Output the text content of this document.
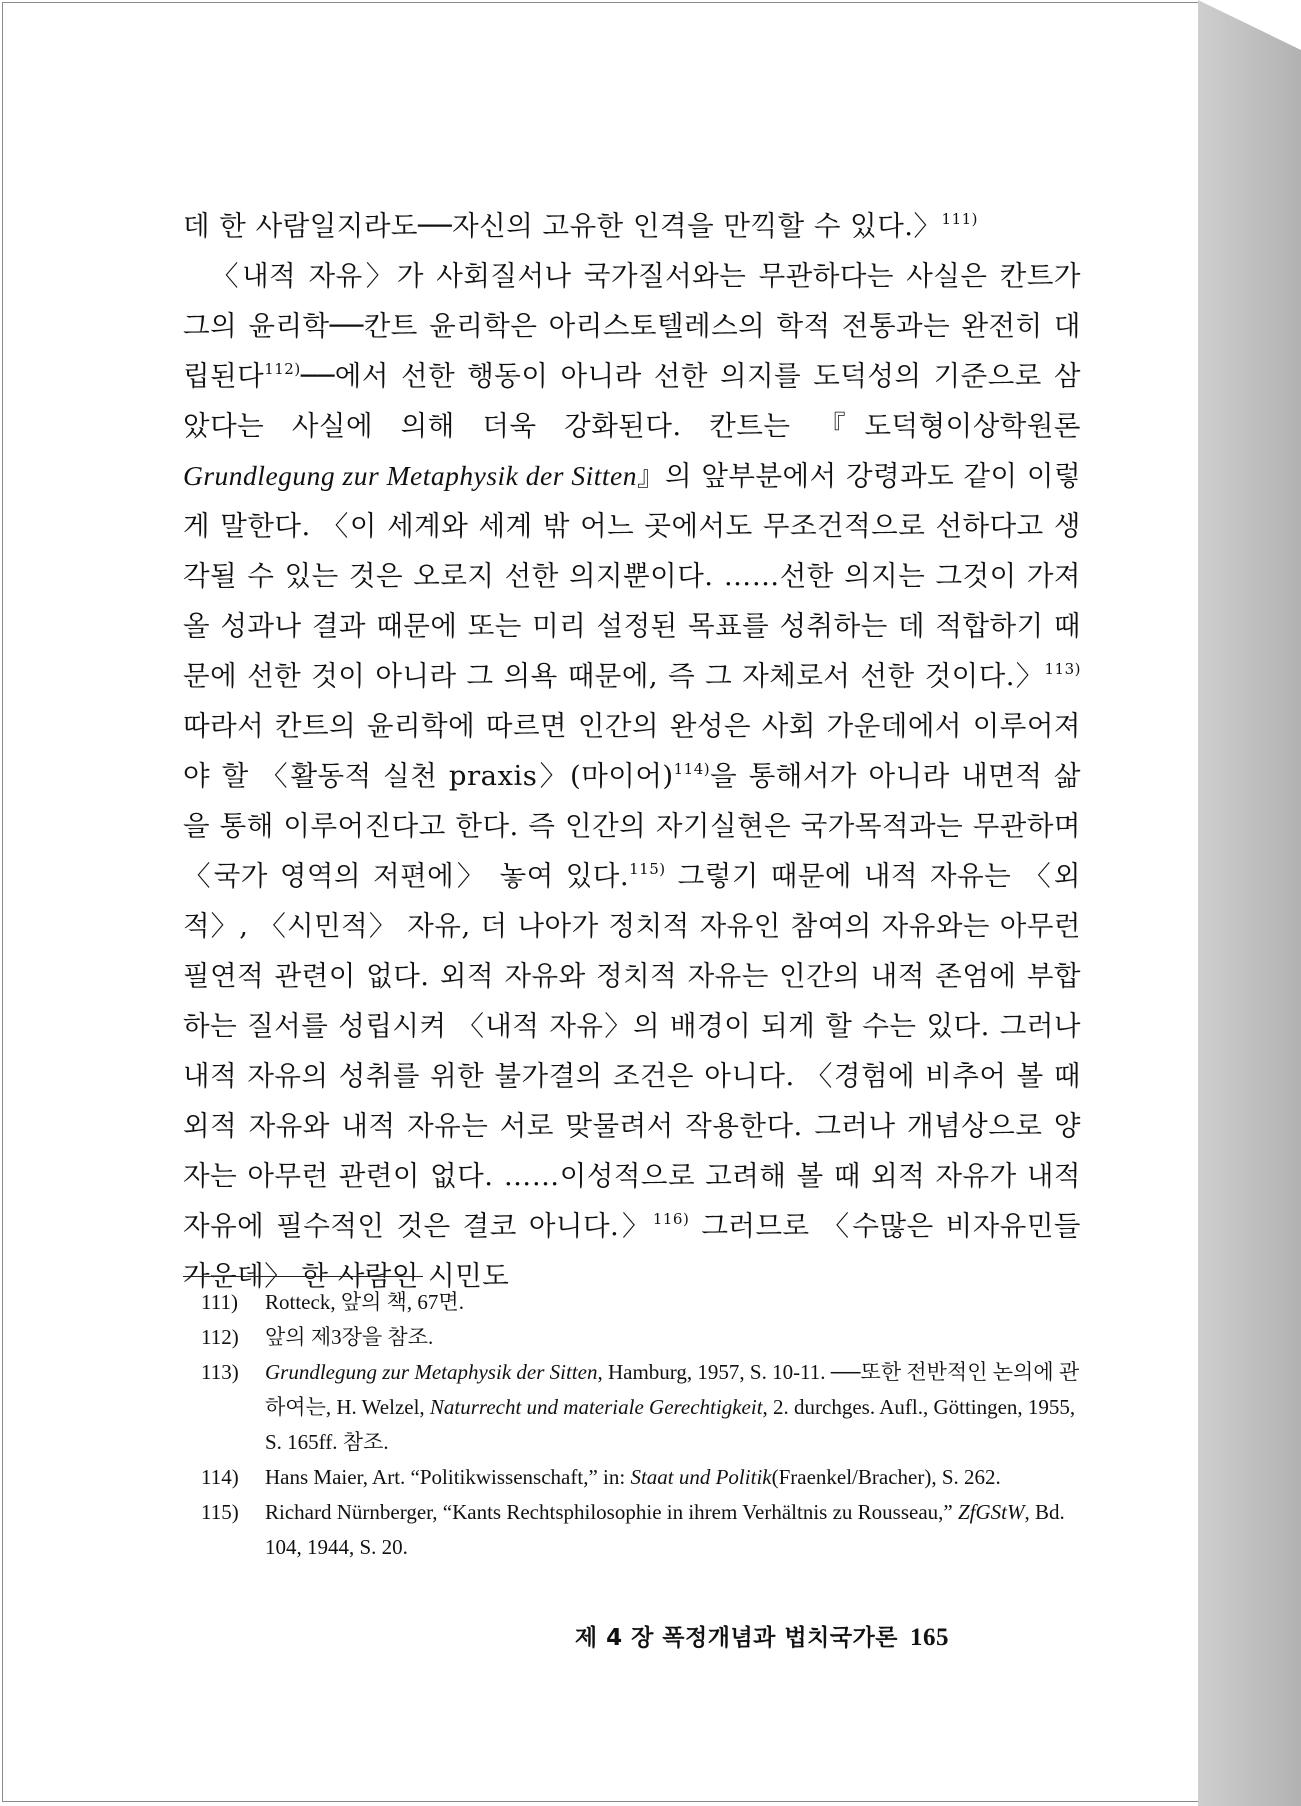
데 한 사람일지라도──자신의 고유한 인격을 만끽할 수 있다.〉$^{111)}$

〈내적 자유〉가 사회질서나 국가질서와는 무관하다는 사실은 칸트가 그의 윤리학──칸트 윤리학은 아리스토텔레스의 학적 전통과는 완전히 대립된다$^{112)}$──에서 선한 행동이 아니라 선한 의지를 도덕성의 기준으로 삼았다는 사실에 의해 더욱 강화된다. 칸트는 『도덕형이상학원론 Grundlegung zur Metaphysik der Sitten』의 앞부분에서 강령과도 같이 이렇게 말한다. 〈이 세계와 세계 밖 어느 곳에서도 무조건적으로 선하다고 생각될 수 있는 것은 오로지 선한 의지뿐이다. ……선한 의지는 그것이 가져올 성과나 결과 때문에 또는 미리 설정된 목표를 성취하는 데 적합하기 때문에 선한 것이 아니라 그 의욕 때문에, 즉 그 자체로서 선한 것이다.〉$^{113)}$ 따라서 칸트의 윤리학에 따르면 인간의 완성은 사회 가운데에서 이루어져야 할 〈활동적 실천 praxis〉(마이어)$^{114)}$을 통해서가 아니라 내면적 삶을 통해 이루어진다고 한다. 즉 인간의 자기실현은 국가목적과는 무관하며 〈국가 영역의 저편에〉 놓여 있다.$^{115)}$ 그렇기 때문에 내적 자유는 〈외적〉, 〈시민적〉 자유, 더 나아가 정치적 자유인 참여의 자유와는 아무런 필연적 관련이 없다. 외적 자유와 정치적 자유는 인간의 내적 존엄에 부합하는 질서를 성립시켜 〈내적 자유〉의 배경이 되게 할 수는 있다. 그러나 내적 자유의 성취를 위한 불가결의 조건은 아니다. 〈경험에 비추어 볼 때 외적 자유와 내적 자유는 서로 맞물려서 작용한다. 그러나 개념상으로 양자는 아무런 관련이 없다. ……이성적으로 고려해 볼 때 외적 자유가 내적 자유에 필수적인 것은 결코 아니다.〉$^{116)}$ 그러므로 〈수많은 비자유민들 가운데〉 한 사람인 시민도

111)	Rotteck, 앞의 책, 67면.
112)	앞의 제3장을 참조.
113)	Grundlegung zur Metaphysik der Sitten, Hamburg, 1957, S. 10-11. ──또한 전반적인 논의에 관하여는, H. Welzel, Naturrecht und materiale Gerechtigkeit, 2. durchges. Aufl., Göttingen, 1955, S. 165ff. 참조.
114)	Hans Maier, Art. “Politikwissenschaft,” in: Staat und Politik(Fraenkel/Bracher), S. 262.
115)	Richard Nürnberger, “Kants Rechtsphilosophie in ihrem Verhältnis zu Rousseau,” ZfGStW, Bd. 104, 1944, S. 20.
제 4 장 폭정개념과 법치국가론 165
